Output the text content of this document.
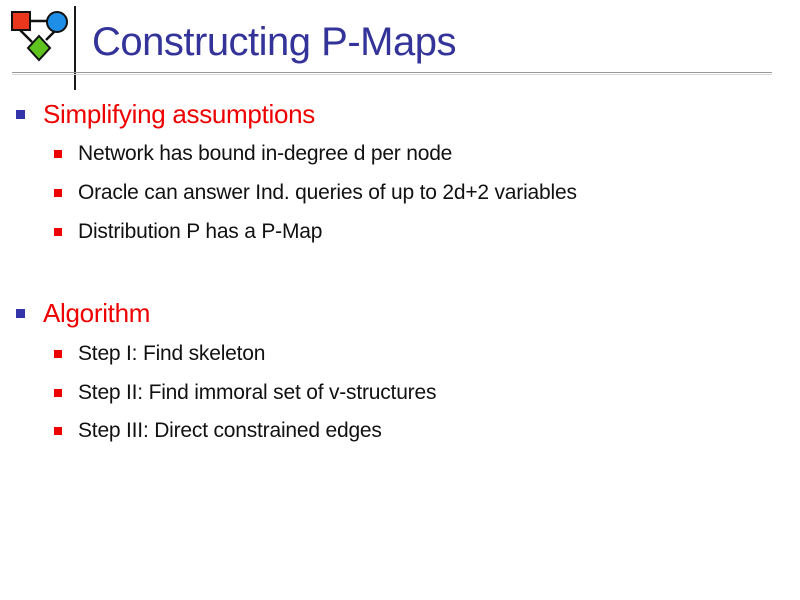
Constructing P-Maps
Simplifying assumptions
Network has bound in-degree d per node
Oracle can answer Ind. queries of up to 2d+2 variables
Distribution P has a P-Map
Algorithm
Step I: Find skeleton
Step II: Find immoral set of v-structures
Step III: Direct constrained edges
